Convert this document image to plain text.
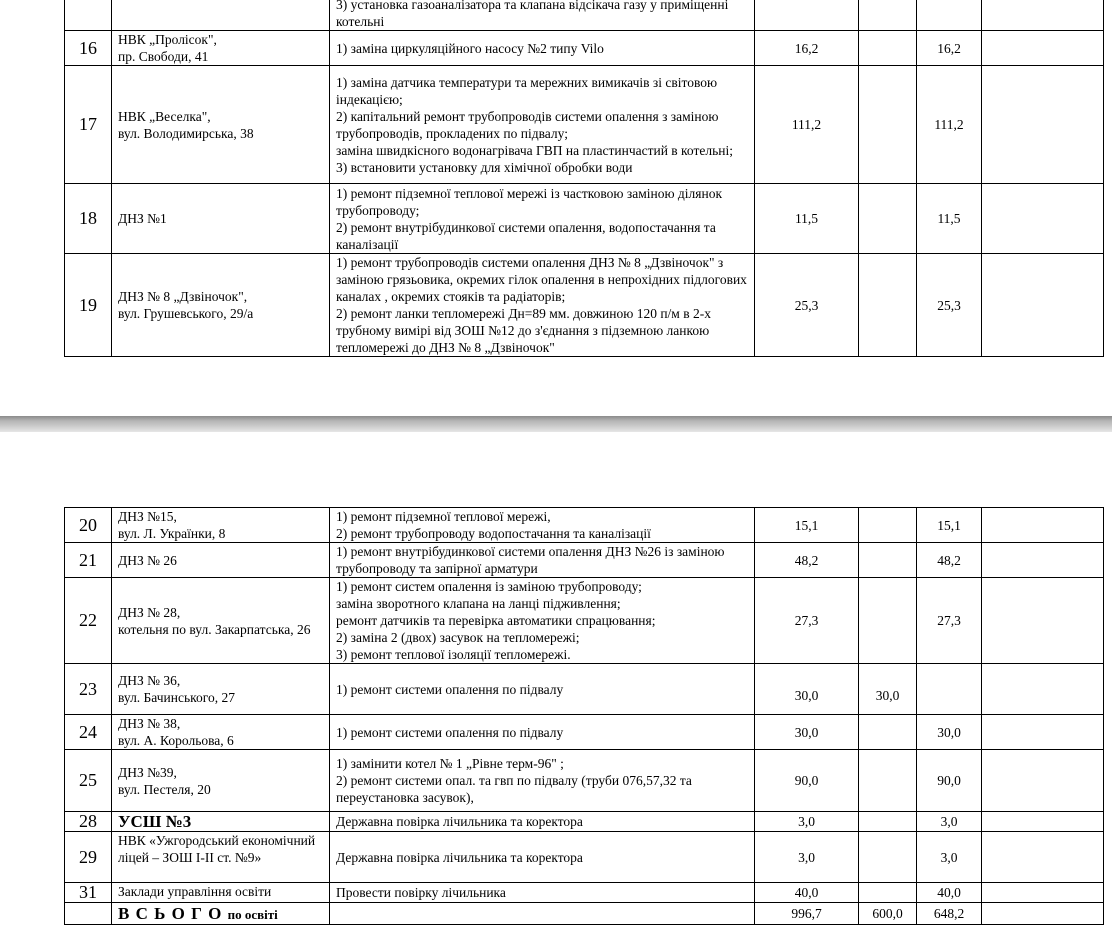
		3) установка газоаналізатора та клапана відсікача газу у приміщенні котельні				
16	НВК „Пролісок",
пр. Свободи, 41	1) заміна циркуляційного насосу №2 типу Vilo	16,2		16,2	
17	НВК „Веселка",
вул. Володимирська, 38	1) заміна датчика температури та мережних вимикачів зі світовою індекацією;
2) капітальний ремонт трубопроводів системи опалення з заміною трубопроводів, прокладених по підвалу;
заміна швидкісного водонагрівача ГВП на пластинчастий в котельні;
3) встановити установку для хімічної обробки води	111,2		111,2	
18	ДНЗ №1	1) ремонт підземної теплової мережі із частковою заміною ділянок трубопроводу;
2) ремонт внутрібудинкової системи опалення, водопостачання та каналізації	11,5		11,5	
19	ДНЗ № 8 „Дзвіночок",
вул. Грушевського, 29/а	1) ремонт трубопроводів системи опалення ДНЗ № 8 „Дзвіночок" з заміною грязьовика, окремих гілок опалення в непрохідних підлогових каналах , окремих стояків та радіаторів;
2) ремонт ланки тепломережі Дн=89 мм. довжиною 120 п/м в 2-х трубному вимірі від ЗОШ №12 до з'єднання з підземною ланкою тепломережі до ДНЗ № 8 „Дзвіночок"	25,3		25,3	
20	ДНЗ №15,
вул. Л. Українки, 8	1) ремонт підземної теплової мережі,
2) ремонт трубопроводу водопостачання та каналізації	15,1		15,1	
21	ДНЗ № 26	1) ремонт внутрібудинкової системи опалення ДНЗ №26 із заміною трубопроводу та запірної арматури	48,2		48,2	
22	ДНЗ № 28,
котельня по вул. Закарпатська, 26	1) ремонт систем опалення із заміною трубопроводу;
заміна зворотного клапана на ланці підживлення;
ремонт датчиків та перевірка автоматики спрацювання;
2) заміна 2 (двох) засувок на тепломережі;
3) ремонт теплової ізоляції тепломережі.	27,3		27,3	
23	ДНЗ № 36,
вул. Бачинського, 27	1) ремонт системи опалення по підвалу	30,0	30,0		
24	ДНЗ № 38,
вул. А. Корольова, 6	1) ремонт системи опалення по підвалу	30,0		30,0	
25	ДНЗ №39,
вул. Пестеля, 20	1) замінити котел № 1 „Рівне терм-96" ;
2) ремонт системи опал. та гвп по підвалу (труби 076,57,32 та переустановка засувок),	90,0		90,0	
28	УСШ №3	Державна повірка лічильника та коректора	3,0		3,0	
29	НВК «Ужгородський економічний ліцей – ЗОШ І-ІІ ст. №9»	Державна повірка лічильника та коректора	3,0		3,0	
31	Заклади управління освіти	Провести повірку лічильника	40,0		40,0	
	В С Ь О Г О по освіті		996,7	600,0	648,2	
